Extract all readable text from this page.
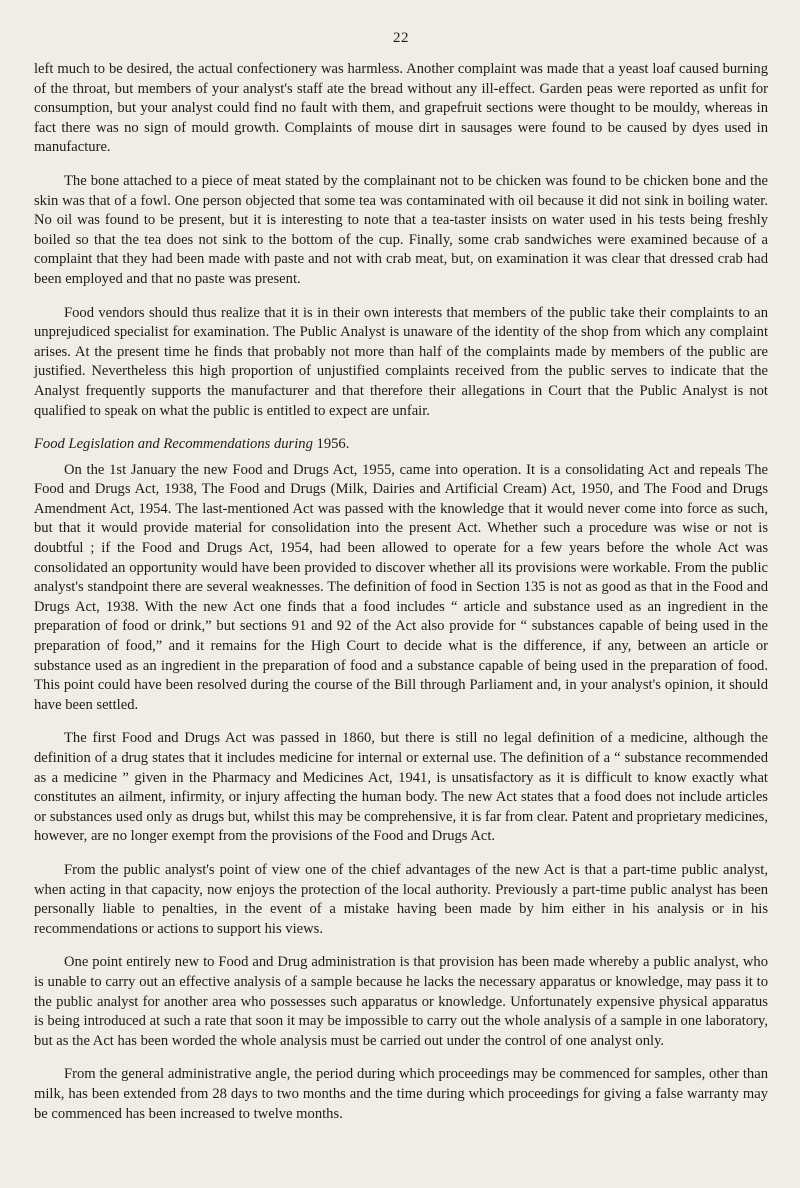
22

left much to be desired, the actual confectionery was harmless. Another complaint was made that a yeast loaf caused burning of the throat, but members of your analyst's staff ate the bread without any ill-effect. Garden peas were reported as unfit for consumption, but your analyst could find no fault with them, and grapefruit sections were thought to be mouldy, whereas in fact there was no sign of mould growth. Complaints of mouse dirt in sausages were found to be caused by dyes used in manufacture.

The bone attached to a piece of meat stated by the complainant not to be chicken was found to be chicken bone and the skin was that of a fowl. One person objected that some tea was contaminated with oil because it did not sink in boiling water. No oil was found to be present, but it is interesting to note that a tea-taster insists on water used in his tests being freshly boiled so that the tea does not sink to the bottom of the cup. Finally, some crab sandwiches were examined because of a complaint that they had been made with paste and not with crab meat, but, on examination it was clear that dressed crab had been employed and that no paste was present.

Food vendors should thus realize that it is in their own interests that members of the public take their complaints to an unprejudiced specialist for examination. The Public Analyst is unaware of the identity of the shop from which any complaint arises. At the present time he finds that probably not more than half of the complaints made by members of the public are justified. Nevertheless this high proportion of unjustified complaints received from the public serves to indicate that the Analyst frequently supports the manufacturer and that therefore their allegations in Court that the Public Analyst is not qualified to speak on what the public is entitled to expect are unfair.

Food Legislation and Recommendations during 1956.

On the 1st January the new Food and Drugs Act, 1955, came into operation. It is a consolidating Act and repeals The Food and Drugs Act, 1938, The Food and Drugs (Milk, Dairies and Artificial Cream) Act, 1950, and The Food and Drugs Amendment Act, 1954. The last-mentioned Act was passed with the knowledge that it would never come into force as such, but that it would provide material for consolidation into the present Act. Whether such a procedure was wise or not is doubtful ; if the Food and Drugs Act, 1954, had been allowed to operate for a few years before the whole Act was consolidated an opportunity would have been provided to discover whether all its provisions were workable. From the public analyst's standpoint there are several weaknesses. The definition of food in Section 135 is not as good as that in the Food and Drugs Act, 1938. With the new Act one finds that a food includes “ article and substance used as an ingredient in the preparation of food or drink,” but sections 91 and 92 of the Act also provide for “ substances capable of being used in the preparation of food,” and it remains for the High Court to decide what is the difference, if any, between an article or substance used as an ingredient in the preparation of food and a substance capable of being used in the preparation of food. This point could have been resolved during the course of the Bill through Parliament and, in your analyst's opinion, it should have been settled.

The first Food and Drugs Act was passed in 1860, but there is still no legal definition of a medicine, although the definition of a drug states that it includes medicine for internal or external use. The definition of a “ substance recommended as a medicine ” given in the Pharmacy and Medicines Act, 1941, is unsatisfactory as it is difficult to know exactly what constitutes an ailment, infirmity, or injury affecting the human body. The new Act states that a food does not include articles or substances used only as drugs but, whilst this may be comprehensive, it is far from clear. Patent and proprietary medicines, however, are no longer exempt from the provisions of the Food and Drugs Act.

From the public analyst's point of view one of the chief advantages of the new Act is that a part-time public analyst, when acting in that capacity, now enjoys the protection of the local authority. Previously a part-time public analyst has been personally liable to penalties, in the event of a mistake having been made by him either in his analysis or in his recommendations or actions to support his views.

One point entirely new to Food and Drug administration is that provision has been made whereby a public analyst, who is unable to carry out an effective analysis of a sample because he lacks the necessary apparatus or knowledge, may pass it to the public analyst for another area who possesses such apparatus or knowledge. Unfortunately expensive physical apparatus is being introduced at such a rate that soon it may be impossible to carry out the whole analysis of a sample in one laboratory, but as the Act has been worded the whole analysis must be carried out under the control of one analyst only.

From the general administrative angle, the period during which proceedings may be commenced for samples, other than milk, has been extended from 28 days to two months and the time during which proceedings for giving a false warranty may be commenced has been increased to twelve months.
